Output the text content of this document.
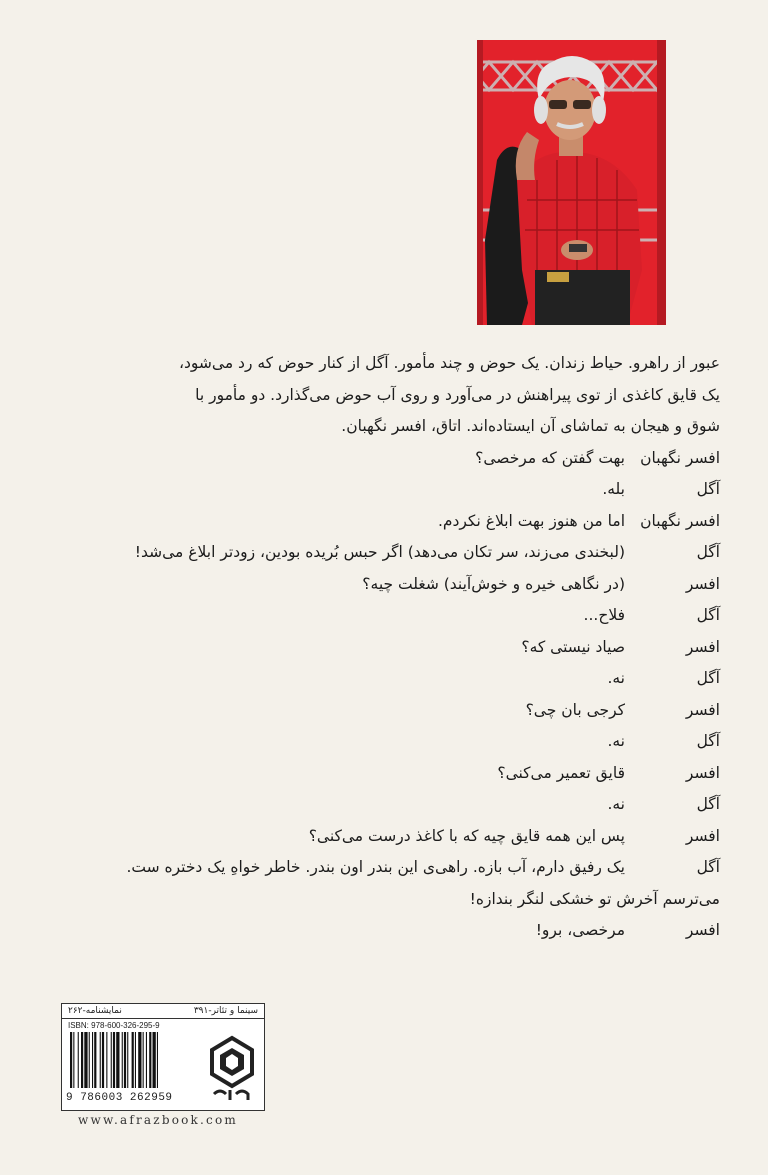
عبور از راهرو. حیاط زندان. یک حوض و چند مأمور. آگل از کنار حوض که رد می‌شود،
یک قایق کاغذی از توی پیراهنش در می‌آورد و روی آب حوض می‌گذارد. دو مأمور با
شوق و هیجان به تماشای آن ایستاده‌اند. اتاق، افسر نگهبان.
افسر نگهبان
بهت گفتن که مرخصی؟
آگل
بله.
افسر نگهبان
اما من هنوز بهت ابلاغ نکردم.
آگل
(لبخندی می‌زند، سر تکان می‌دهد) اگر حبس بُریده بودین، زودتر ابلاغ می‌شد!
افسر
(در نگاهی خیره و خوش‌آیند) شغلت چیه؟
آگل
فلاح...
افسر
صیاد نیستی که؟
آگل
نه.
افسر
کرجی بان چی؟
آگل
نه.
افسر
قایق تعمیر می‌کنی؟
آگل
نه.
افسر
پس این همه قایق چیه که با کاغذ درست می‌کنی؟
آگل
یک رفیق دارم، آب بازه. راهی‌ی این بندر اون بندر. خاطر خواهِ یک دختره ست.
می‌ترسم آخرش تو خشکی لنگر بندازه!
افسر
مرخصی، برو!
سینما و تئاتر-۳۹۱
نمایشنامه-۲۶۲
ISBN: 978-600-326-295-9
9 786003 262959
www.afrazbook.com
